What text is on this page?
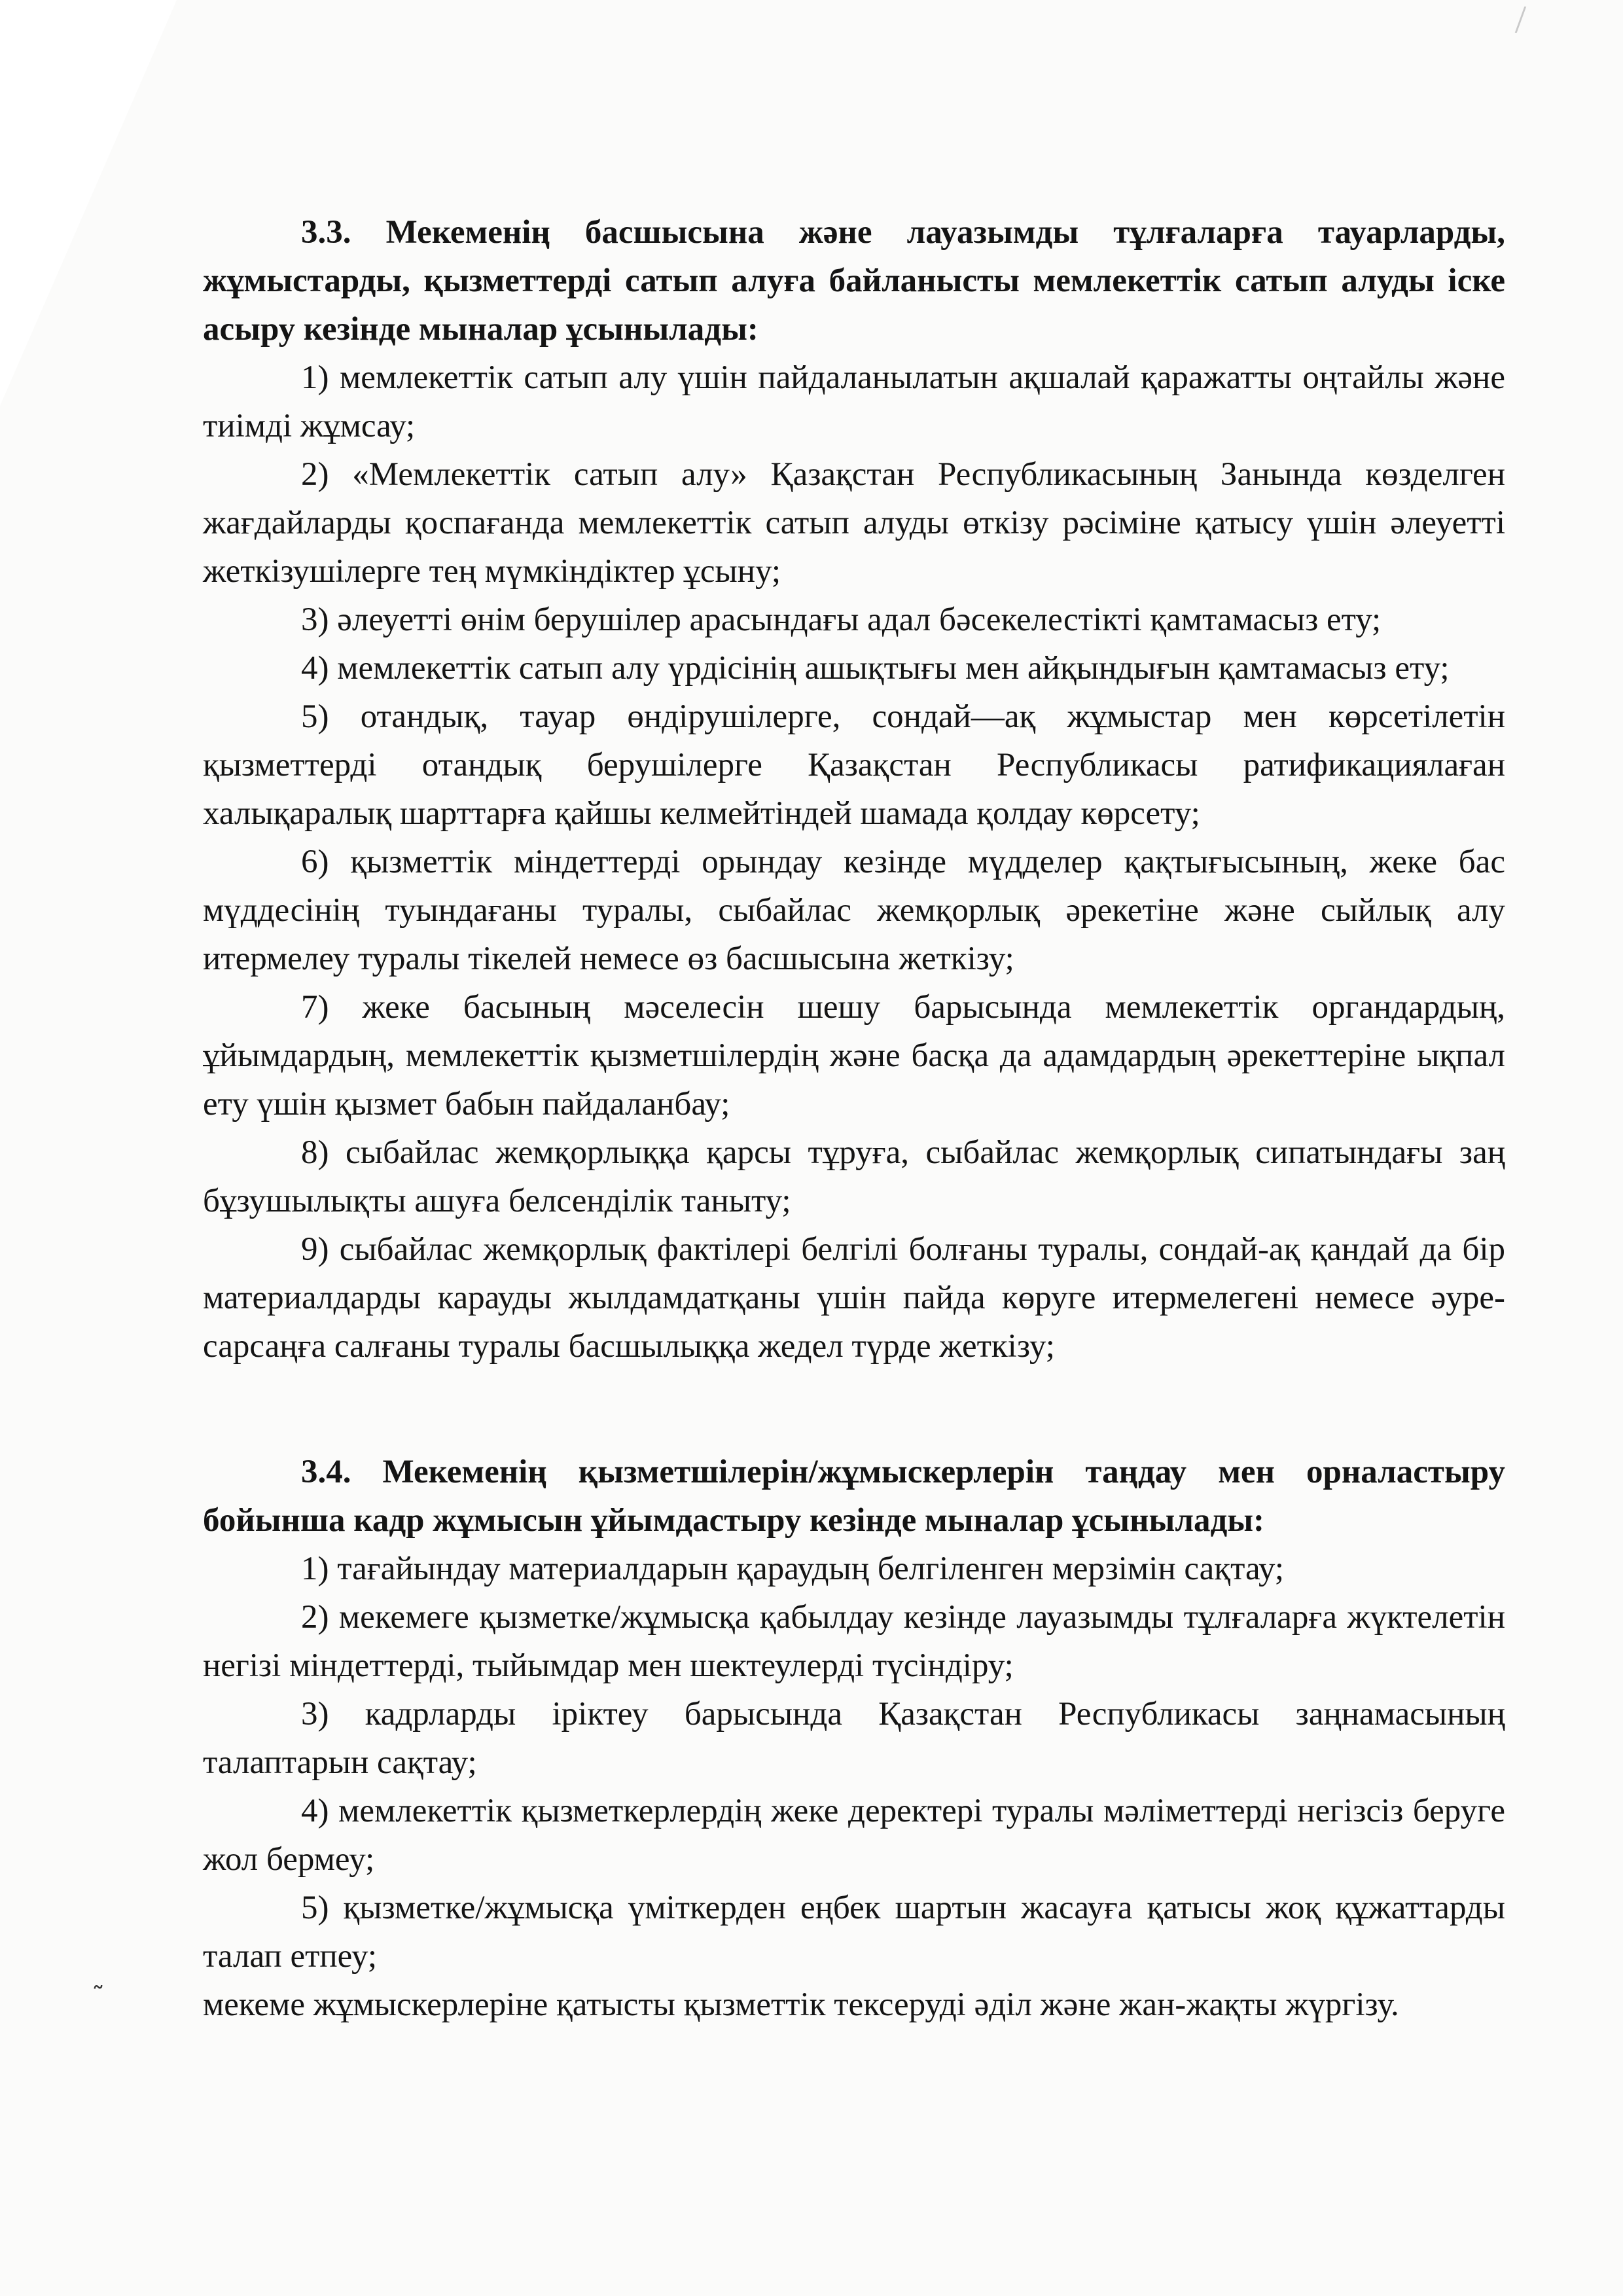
3.3. Мекеменің басшысына және лауазымды тұлғаларға тауарларды, жұмыстарды, қызметтерді сатып алуға байланысты мемлекеттік сатып алуды іске асыру кезінде мыналар ұсынылады:

1) мемлекеттік сатып алу үшін пайдаланылатын ақшалай қаражатты оңтайлы және тиімді жұмсау;

2) «Мемлекеттік сатып алу» Қазақстан Республикасының Занында көзделген жағдайларды қоспағанда мемлекеттік сатып алуды өткізу рәсіміне қатысу үшін әлеуетті жеткізушілерге тең мүмкіндіктер ұсыну;

3) әлеуетті өнім берушілер арасындағы адал бәсекелестікті қамтамасыз ету;

4) мемлекеттік сатып алу үрдісінің ашықтығы мен айқындығын қамтамасыз ету;

5) отандық, тауар өндірушілерге, сондай—ақ жұмыстар мен көрсетілетін қызметтерді отандық берушілерге Қазақстан Республикасы ратификациялаған халықаралық шарттарға қайшы келмейтіндей шамада қолдау көрсету;

6) қызметтік міндеттерді орындау кезінде мүдделер қақтығысының, жеке бас мүддесінің туындағаны туралы, сыбайлас жемқорлық әрекетіне және сыйлық алу итермелеу туралы тікелей немесе өз басшысына жеткізу;

7) жеке басының мәселесін шешу барысында мемлекеттік органдардың, ұйымдардың, мемлекеттік қызметшілердің және басқа да адамдардың әрекеттеріне ықпал ету үшін қызмет бабын пайдаланбау;

8) сыбайлас жемқорлыққа қарсы тұруға, сыбайлас жемқорлық сипатындағы заң бұзушылықты ашуға белсенділік таныту;

9) сыбайлас жемқорлық фактілері белгілі болғаны туралы, сондай-ақ қандай да бір материалдарды карауды жылдамдатқаны үшін пайда көруге итермелегені немесе әуре-сарсаңға салғаны туралы басшылыққа жедел түрде жеткізу;

3.4. Мекеменің қызметшілерін/жұмыскерлерін таңдау мен орналастыру бойынша кадр жұмысын ұйымдастыру кезінде мыналар ұсынылады:

1) тағайындау материалдарын қараудың белгіленген мерзімін сақтау;

2) мекемеге қызметке/жұмысқа қабылдау кезінде лауазымды тұлғаларға жүктелетін негізі міндеттерді, тыйымдар мен шектеулерді түсіндіру;

3) кадрларды іріктеу барысында Қазақстан Республикасы заңнамасының талаптарын сақтау;

4) мемлекеттік қызметкерлердің жеке деректері туралы мәліметтерді негізсіз беруге жол бермеу;

5) қызметке/жұмысқа үміткерден еңбек шартын жасауға қатысы жоқ құжаттарды талап етпеу;

мекеме жұмыскерлеріне қатысты қызметтік тексеруді әділ және жан-жақты жүргізу.

˜
